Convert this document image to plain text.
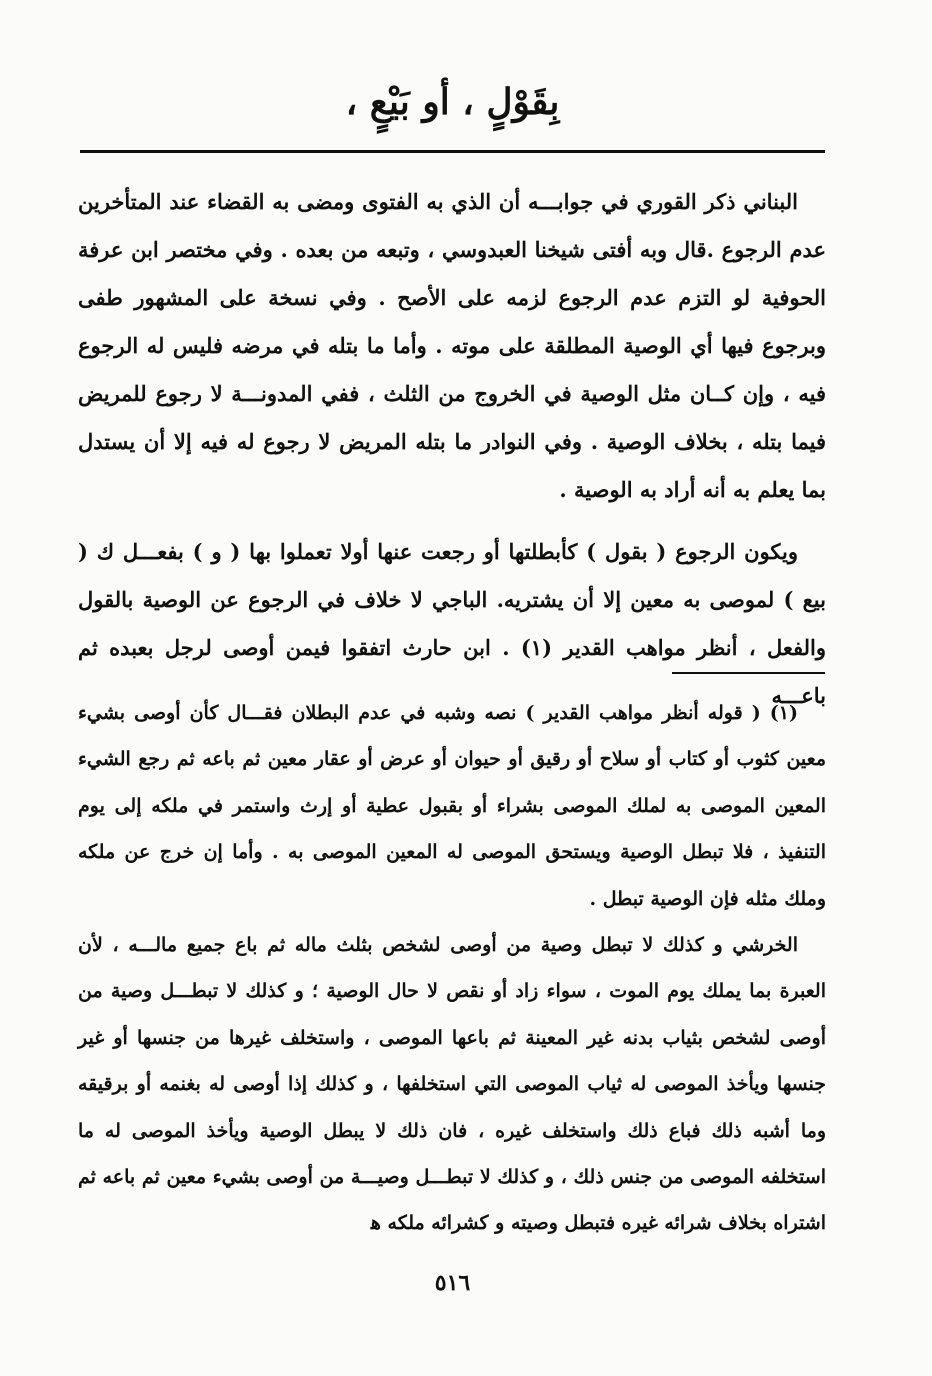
بِقَوْلٍ ، أو بَيْعٍ ،

البناني ذكر القوري في جوابـــه أن الذي به الفتوى ومضى به القضاء عند المتأخرين عدم الرجوع .قال وبه أفتى شيخنا العبدوسي ، وتبعه من بعده . وفي مختصر ابن عرفة الحوفية لو التزم عدم الرجوع لزمه على الأصح . وفي نسخة على المشهور طفى وبرجوع فيها أي الوصية المطلقة على موته . وأما ما بتله في مرضه فليس له الرجوع فيه ، وإن كــان مثل الوصية في الخروج من الثلث ، ففي المدونـــة لا رجوع للمريض فيما بتله ، بخلاف الوصية . وفي النوادر ما بتله المريض لا رجوع له فيه إلا أن يستدل بما يعلم به أنه أراد به الوصية .

ويكون الرجوع ( بقول ) كأبطلتها أو رجعت عنها أولا تعملوا بها ( و ) بفعـــل ك ( بيع ) لموصى به معين إلا أن يشتريه. الباجي لا خلاف في الرجوع عن الوصية بالقول والفعل ، أنظر مواهب القدير (١) . ابن حارث اتفقوا فيمن أوصى لرجل بعبده ثم باعـــه

(١) ( قوله أنظر مواهب القدير ) نصه وشبه في عدم البطلان فقـــال كأن أوصى بشيء معين كثوب أو كتاب أو سلاح أو رقيق أو حيوان أو عرض أو عقار معين ثم باعه ثم رجع الشيء المعين الموصى به لملك الموصى بشراء أو بقبول عطية أو إرث واستمر في ملكه إلى يوم التنفيذ ، فلا تبطل الوصية ويستحق الموصى له المعين الموصى به . وأما إن خرج عن ملكه وملك مثله فإن الوصية تبطل .

الخرشي و كذلك لا تبطل وصية من أوصى لشخص بثلث ماله ثم باع جميع مالـــه ، لأن العبرة بما يملك يوم الموت ، سواء زاد أو نقص لا حال الوصية ؛ و كذلك لا تبطـــل وصية من أوصى لشخص بثياب بدنه غير المعينة ثم باعها الموصى ، واستخلف غيرها من جنسها أو غير جنسها ويأخذ الموصى له ثياب الموصى التي استخلفها ، و كذلك إذا أوصى له بغنمه أو برقيقه وما أشبه ذلك فباع ذلك واستخلف غيره ، فان ذلك لا يبطل الوصية ويأخذ الموصى له ما استخلفه الموصى من جنس ذلك ، و كذلك لا تبطـــل وصيـــة من أوصى بشيء معين ثم باعه ثم اشتراه بخلاف شرائه غيره فتبطل وصيته و كشرائه ملكه ﻫ

٥١٦
